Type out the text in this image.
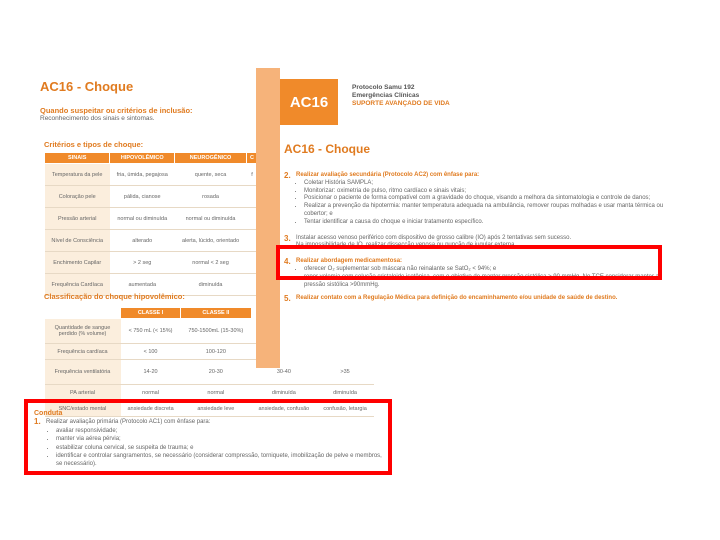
AC16 - Choque
Quando suspeitar ou critérios de inclusão:
Reconhecimento dos sinais e sintomas.
Critérios e tipos de choque:
SINAIS	HIPOVOLÊMICO	NEUROGÊNICO	C
Temperatura da pele	fria, úmida, pegajosa	quente, seca	f
Coloração pele	pálida, cianose	rosada	
Pressão arterial	normal ou diminuída	normal ou diminuída	
Nível de Consciência	alterado	alerta, lúcido, orientado	
Enchimento Capilar	> 2 seg	normal < 2 seg	
Frequência Cardíaca	aumentada	diminuída	
Classificação do choque hipovolêmico:
	CLASSE I	CLASSE II		
Quantidade de sangue perdido (% volume)	< 750 mL (< 15%)	750-1500mL (15-30%)		
Frequência cardíaca	< 100	100-120		
Frequência ventilatória	14-20	20-30	30-40	>35
PA arterial	normal	normal	diminuída	diminuída
SNC/estado mental	ansiedade discreta	ansiedade leve	ansiedade, confusão	confusão, letargia
Conduta
1. Realizar avaliação primária (Protocolo AC1) com ênfase para:
• avaliar responsividade;
• manter via aérea pérvia;
• estabilizar coluna cervical, se suspeita de trauma; e
• identificar e controlar sangramentos, se necessário (considerar compressão, torniquete, imobilização de pelve e membros, se necessário).
AC16
Protocolo Samu 192
Emergências Clínicas
SUPORTE AVANÇADO DE VIDA
AC16 - Choque
2. Realizar avaliação secundária (Protocolo AC2) com ênfase para:
• Coletar História SAMPLA;
• Monitorizar: oximetria de pulso, ritmo cardíaco e sinais vitais;
• Posicionar o paciente de forma compatível com a gravidade do choque, visando a melhora da sintomatologia e controle de danos;
• Realizar a prevenção da hipotermia: manter temperatura adequada na ambulância, remover roupas molhadas e usar manta térmica ou cobertor; e
• Tentar identificar a causa do choque e iniciar tratamento específico.
3. Instalar acesso venoso periférico com dispositivo de grosso calibre (IO) após 2 tentativas sem sucesso.
Na impossibilidade de IO, realizar dissecção venosa ou punção de jugular externa.
4. Realizar abordagem medicamentosa:
• oferecer O₂ suplementar sob máscara não reinalante se SatO₂ < 94%; e
• repor volemia com solução cristaloide isotônica, com o objetivo de manter pressão sistólica > 90 mmHg. No TCE considerar manter a pressão sistólica >90mmHg.
5. Realizar contato com a Regulação Médica para definição do encaminhamento e/ou unidade de saúde de destino.
